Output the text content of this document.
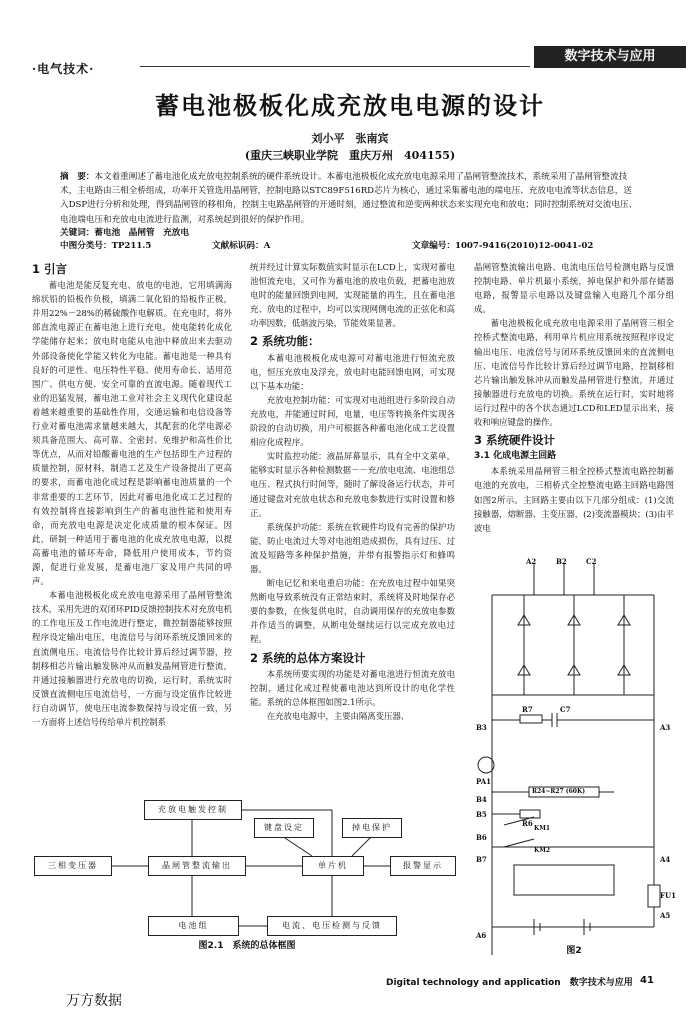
·电气技术·
数字技术与应用
蓄电池极板化成充放电电源的设计
刘小平　张南宾
(重庆三峡职业学院　重庆万州　404155)
摘　要：本文着重阐述了蓄电池化成充放电控制系统的硬件系统设计。本蓄电池极板化成充放电电源采用了晶闸管整流技术，系统采用了晶闸管整流技术，主电路由三相全桥组成，功率开关管选用晶闸管，控制电路以STC89F516RD芯片为核心，通过采集蓄电池的端电压、充放电电流等状态信息，送入DSP进行分析和处理，得到晶闸管的移相角，控制主电路晶闸管的开通时刻，通过整流和逆变两种状态来实现充电和放电；同时控制系统对交流电压、电池端电压和充放电电流进行监测，对系统起到很好的保护作用。
关键词：蓄电池　晶闸管　充放电
中图分类号：TP211.5	文献标识码：A	文章编号：1007-9416(2010)12-0041-02
1 引言

蓄电池是能反复充电、放电的电池，它用填满海绵状铅的铅板作负极，填满二氧化铅的铅板作正极，并用22%－28%的稀硫酸作电解质。在充电时，将外部直流电源正在蓄电池上进行充电，使电能转化成化学能储存起来；放电时电能从电池中释放出来去驱动外部设备使化学能又转化为电能。蓄电池是一种具有良好的可逆性、电压特性平稳、使用寿命长、适用范围广、供电方便、安全可靠的直流电源。随着现代工业的迅猛发展，蓄电池工业对社会主义现代化建设起着越来越重要的基础性作用，交通运输和电信设备等行业对蓄电池需求量越来越大，其配套的化学电源必须具备范围大、高可靠、全密封、免维护和高性价比等优点，从而对铅酸蓄电池的生产包括即生产过程的质量控制，原材料，制造工艺及生产设备提出了更高的要求，而蓄电池化成过程是影响蓄电池质量的一个非常重要的工艺环节，因此对蓄电池化成工艺过程的有效控制将直接影响到生产的蓄电池性能和使用寿命，而充放电电源是决定化成质量的根本保证。因此，研制一种适用于蓄电池的化成充放电电源，以提高蓄电池的循环寿命，降低用户使用成本，节约资源，促进行业发展，是蓄电池厂家及用户共同的呼声。

本蓄电池极板化成充放电电源采用了晶闸管整流技术，采用先进的双闭环PID反馈控制技术对充放电机的工作电压及工作电流进行整定，微控制器能够按照程序设定输出电压，电流信号与闭环系统反馈回来的直流侧电压、电流信号作比较计算后经过调节器，控制移相芯片输出触发脉冲从而触发晶闸管进行整流，并通过接触器进行充放电的切换，运行时，系统实时反馈直流侧电压电流信号，一方面与设定值作比较进行自动调节，使电压电流参数保持与设定值一致，另一方面将上述信号传给单片机控制系

统并经过计算实际数值实时显示在LCD上，实现对蓄电池恒流充电，又可作为蓄电池的放电负载，把蓄电池放电时的能量回馈到电网，实现能量的再生，且在蓄电池充、放电的过程中，均可以实现网侧电流的正弦化和高功率因数，低谐波污染，节能效果显著。

2 系统功能：

本蓄电池极板化成电源可对蓄电池进行恒流充放电，恒压充放电及浮充，放电时电能回馈电网，可实现以下基本功能：

充放电控制功能：可实现对电池组进行多阶段自动充放电，并能通过时间，电量，电压等转换条件实现各阶段的自动切换，用户可根据各种蓄电池化成工艺设置相应化成程序。

实时监控功能：液晶屏幕显示，具有全中文菜单，能够实时显示各种检测数据－－充/放电电流、电池组总电压、程式执行时间等，随时了解设备运行状态，并可通过键盘对充放电状态和充放电参数进行实时设置和修正。

系统保护功能：系统在软硬件均设有完善的保护功能，防止电流过大等对电池组造成损伤，具有过压、过流及短路等多种保护措施，并带有报警指示灯和蜂鸣器。

断电记忆和来电重启功能：在充放电过程中如果突然断电导致系统没有正常结束时，系统将及时地保存必要的参数，在恢复供电时，自动调用保存的充放电参数并作适当的调整，从断电处继续运行以完成充放电过程。

2 系统的总体方案设计

本系统所要实现的功能是对蓄电池进行恒流充放电控制，通过化成过程使蓄电池达到所设计的电化学性能。系统的总体框图如图2.1所示。

在充放电电源中，主要由隔离变压器、

晶闸管整流输出电路、电流电压信号检测电路与反馈控制电路、单片机最小系统，掉电保护和外部存储器电路，报警显示电路以及键盘输入电路几个部分组成。

蓄电池极板化成充放电电源采用了晶闸管三相全控桥式整流电路，利用单片机应用系统按照程序设定输出电压、电流信号与闭环系统反馈回来的直流侧电压、电流信号作比较计算后经过调节电路，控制移相芯片输出触发脉冲从而触发晶闸管进行整流，并通过接触器进行充放电的切换。系统在运行时，实时地将运行过程中的各个状态通过LCD和LED显示出来，接收和响应键盘的操作。

3 系统硬件设计
3.1 化成电源主回路

本系统采用晶闸管三相全控桥式整流电路控制蓄电池的充放电，三相桥式全控整流电路主回路电路图如图2所示。主回路主要由以下几部分组成：(1)交流接触器，熔断器、主变压器，(2)变流器模块；(3)由平波电

充放电触发控制
键盘设定	掉电保护
三相变压器	晶闸管整流输出	单片机	报警显示
电池组	电流、电压检测与反馈
图2.1　系统的总体框图
A2	B2	C2
R7	C7
B3	A3
PA1
B4
R24~R27 (60K)
R6
B5
B6
KM1
KM2
B7	A4
FU1
A5
A6
图2
Digital technology and application　数字技术与应用 41
万方数据
